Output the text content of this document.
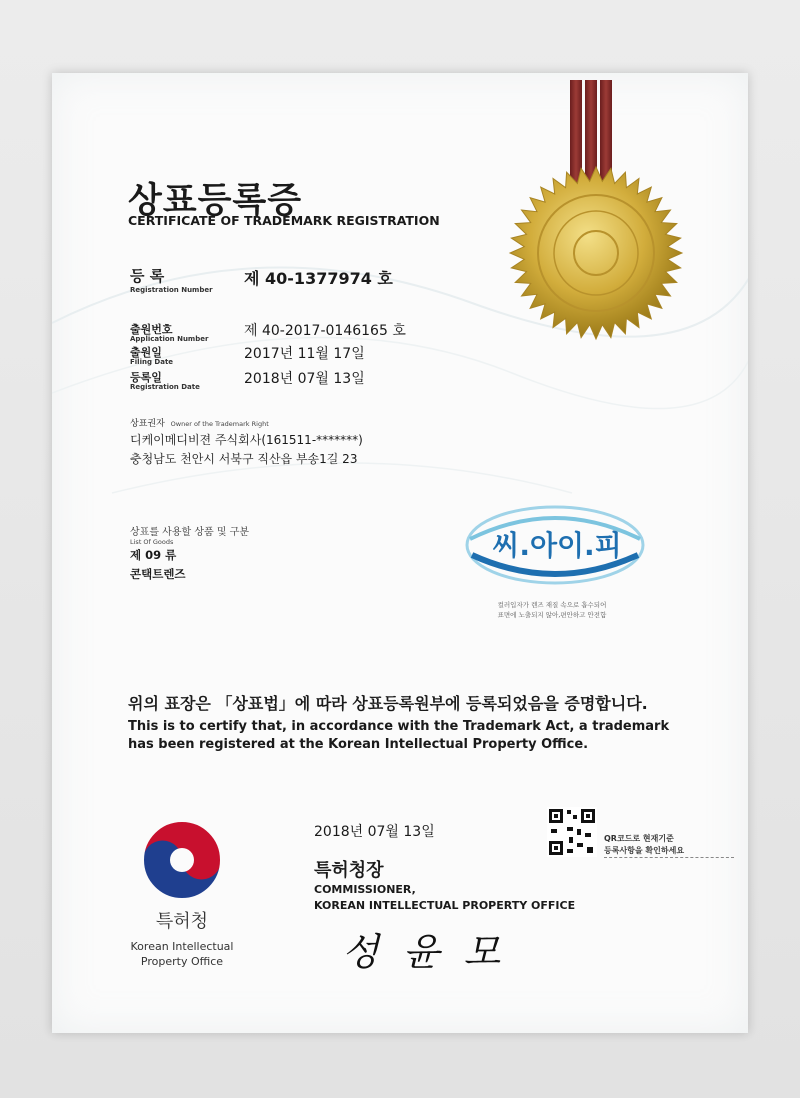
상표등록증
CERTIFICATE OF TRADEMARK REGISTRATION
등 록
Registration Number
제 40-1377974 호
출원번호
Application Number	제 40-2017-0146165 호
출원일
Filing Date	2017년 11월 17일
등록일
Registration Date	2018년 07월 13일
상표권자 Owner of the Trademark Right
디케이메디비젼 주식회사(161511-*******)
충청남도 천안시 서북구 직산읍 부송1길 23
상표를 사용할 상품 및 구분
List Of Goods
제 09 류
콘택트렌즈
씨.아이.피
컬러입자가 렌즈 재질 속으로 흡수되어
표면에 노출되지 않아,편안하고 안전함
위의 표장은 「상표법」에 따라 상표등록원부에 등록되었음을 증명합니다.
This is to certify that, in accordance with the Trademark Act, a trademark
has been registered at the Korean Intellectual Property Office.
2018년 07월 13일
특허청장
COMMISSIONER,
KOREAN INTELLECTUAL PROPERTY OFFICE
성윤모
QR코드로 현재기준
등록사항을 확인하세요
특허청
Korean Intellectual
Property Office
